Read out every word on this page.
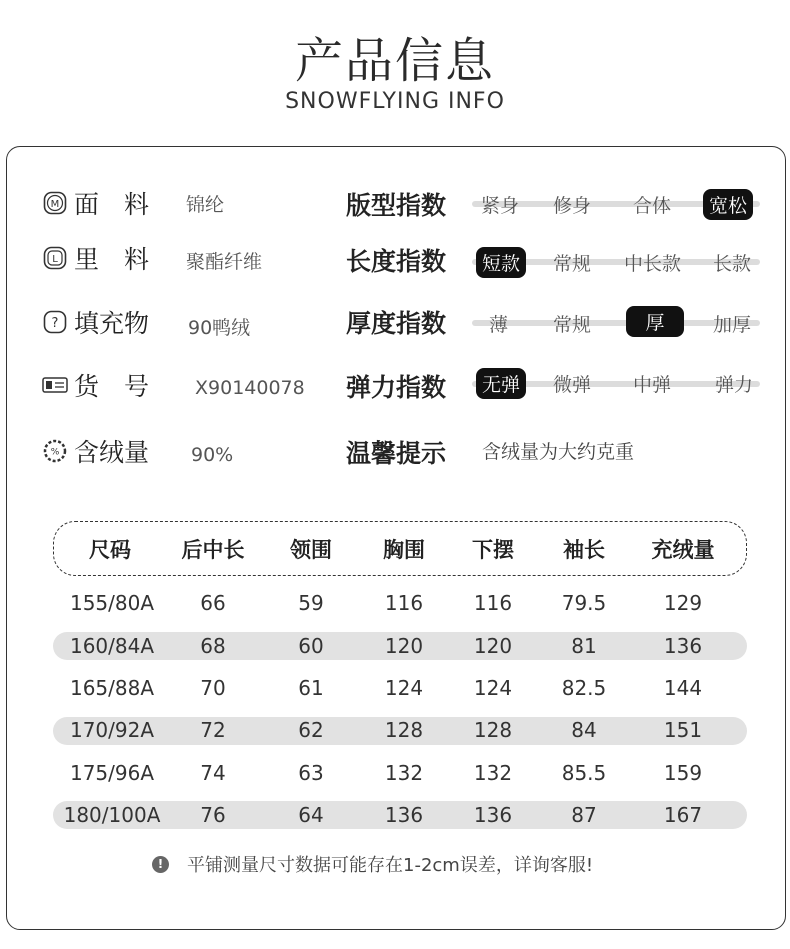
产品信息
SNOWFLYING INFO
M 面　料	锦纶
L 里　料	聚酯纤维
? 填充物	90鸭绒
货　号	X90140078
% 含绒量	90%
版型指数 紧身 修身 合体	宽松
长度指数	短款	常规 中长款 长款
厚度指数 薄 常规	厚	加厚
弹力指数	无弹	微弹 中弹 弹力
温馨提示 含绒量为大约克重
尺码	后中长	领围	胸围	下摆	袖长	充绒量
155/80A	66	59	116	116	79.5	129
160/84A	68	60	120	120	81	136
165/88A	70	61	124	124	82.5	144
170/92A	72	62	128	128	84	151
175/96A	74	63	132	132	85.5	159
180/100A	76	64	136	136	87	167
!	平铺测量尺寸数据可能存在1-2cm误差，详询客服!
